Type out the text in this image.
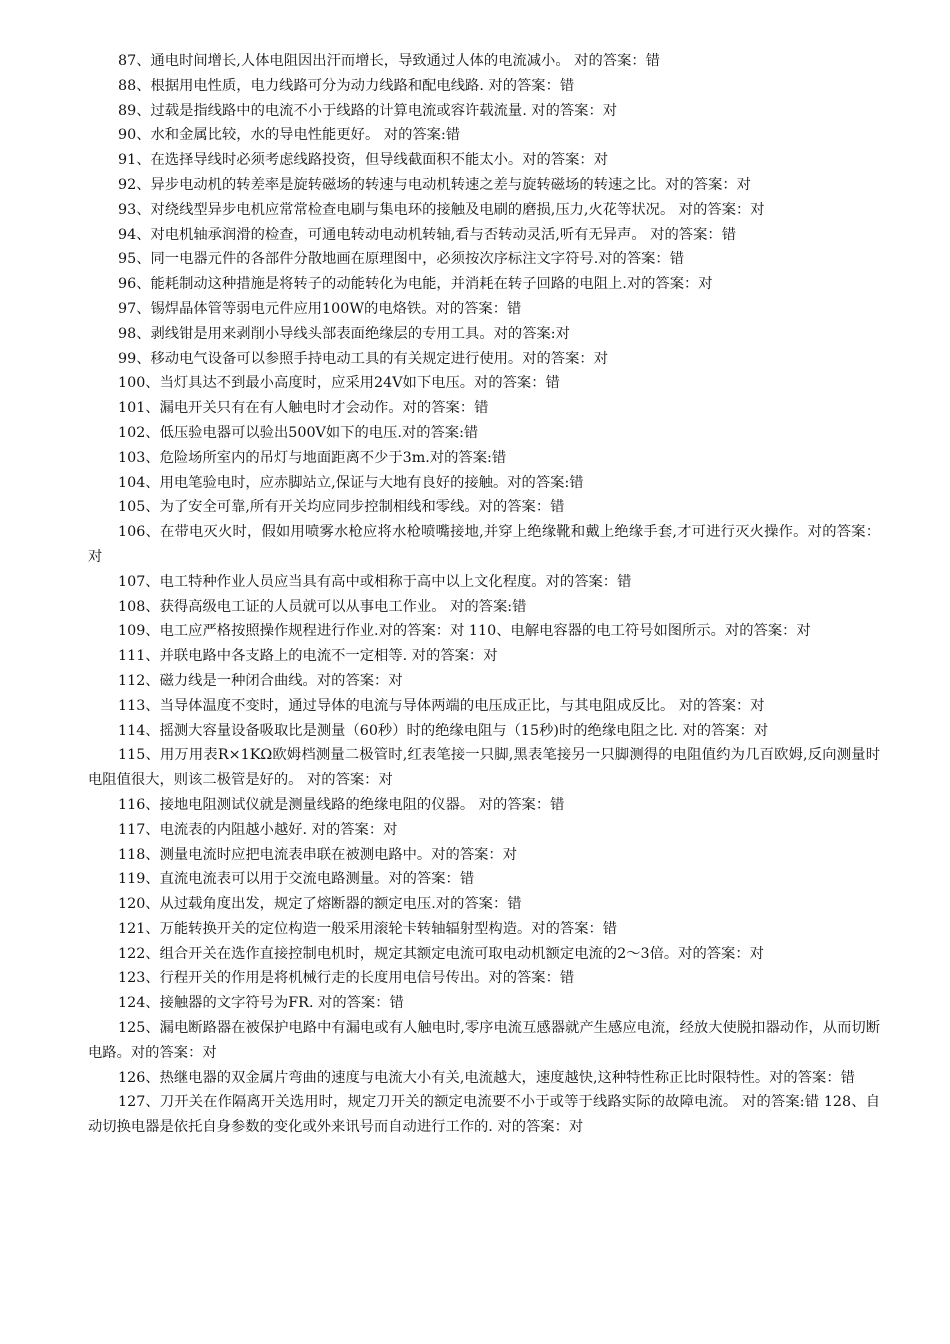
87、通电时间增长,人体电阻因出汗而增长，导致通过人体的电流减小。 对的答案：错

88、根据用电性质，电力线路可分为动力线路和配电线路. 对的答案：错

89、过载是指线路中的电流不小于线路的计算电流或容许载流量. 对的答案：对

90、水和金属比较，水的导电性能更好。 对的答案:错

91、在选择导线时必须考虑线路投资，但导线截面积不能太小。对的答案：对

92、异步电动机的转差率是旋转磁场的转速与电动机转速之差与旋转磁场的转速之比。对的答案：对

93、对绕线型异步电机应常常检查电刷与集电环的接触及电刷的磨损,压力,火花等状况。 对的答案：对

94、对电机轴承润滑的检查，可通电转动电动机转轴,看与否转动灵活,听有无异声。 对的答案：错

95、同一电器元件的各部件分散地画在原理图中，必须按次序标注文字符号.对的答案：错

96、能耗制动这种措施是将转子的动能转化为电能，并消耗在转子回路的电阻上.对的答案：对

97、锡焊晶体管等弱电元件应用100W的电烙铁。对的答案：错

98、剥线钳是用来剥削小导线头部表面绝缘层的专用工具。对的答案:对

99、移动电气设备可以参照手持电动工具的有关规定进行使用。对的答案：对

100、当灯具达不到最小高度时，应采用24V如下电压。对的答案：错

101、漏电开关只有在有人触电时才会动作。对的答案：错

102、低压验电器可以验出500V如下的电压.对的答案:错

103、危险场所室内的吊灯与地面距离不少于3m.对的答案:错

104、用电笔验电时，应赤脚站立,保证与大地有良好的接触。对的答案:错

105、为了安全可靠,所有开关均应同步控制相线和零线。对的答案：错

106、在带电灭火时，假如用喷雾水枪应将水枪喷嘴接地,并穿上绝缘靴和戴上绝缘手套,才可进行灭火操作。对的答案：对

107、电工特种作业人员应当具有高中或相称于高中以上文化程度。对的答案：错

108、获得高级电工证的人员就可以从事电工作业。 对的答案:错

109、电工应严格按照操作规程进行作业.对的答案：对 110、电解电容器的电工符号如图所示。对的答案：对

111、并联电路中各支路上的电流不一定相等. 对的答案：对

112、磁力线是一种闭合曲线。对的答案：对

113、当导体温度不变时，通过导体的电流与导体两端的电压成正比，与其电阻成反比。 对的答案：对

114、摇测大容量设备吸取比是测量（60秒）时的绝缘电阻与（15秒)时的绝缘电阻之比. 对的答案：对

115、用万用表R×1KΩ欧姆档测量二极管时,红表笔接一只脚,黑表笔接另一只脚测得的电阻值约为几百欧姆,反向测量时电阻值很大，则该二极管是好的。 对的答案：对

116、接地电阻测试仪就是测量线路的绝缘电阻的仪器。 对的答案：错

117、电流表的内阻越小越好. 对的答案：对

118、测量电流时应把电流表串联在被测电路中。对的答案：对

119、直流电流表可以用于交流电路测量。对的答案：错

120、从过载角度出发，规定了熔断器的额定电压.对的答案：错

121、万能转换开关的定位构造一般采用滚轮卡转轴辐射型构造。对的答案：错

122、组合开关在选作直接控制电机时，规定其额定电流可取电动机额定电流的2～3倍。对的答案：对

123、行程开关的作用是将机械行走的长度用电信号传出。对的答案：错

124、接触器的文字符号为FR. 对的答案：错

125、漏电断路器在被保护电路中有漏电或有人触电时,零序电流互感器就产生感应电流，经放大使脱扣器动作，从而切断电路。对的答案：对

126、热继电器的双金属片弯曲的速度与电流大小有关,电流越大，速度越快,这种特性称正比时限特性。对的答案：错

127、刀开关在作隔离开关选用时，规定刀开关的额定电流要不小于或等于线路实际的故障电流。 对的答案:错 128、自动切换电器是依托自身参数的变化或外来讯号而自动进行工作的. 对的答案：对
